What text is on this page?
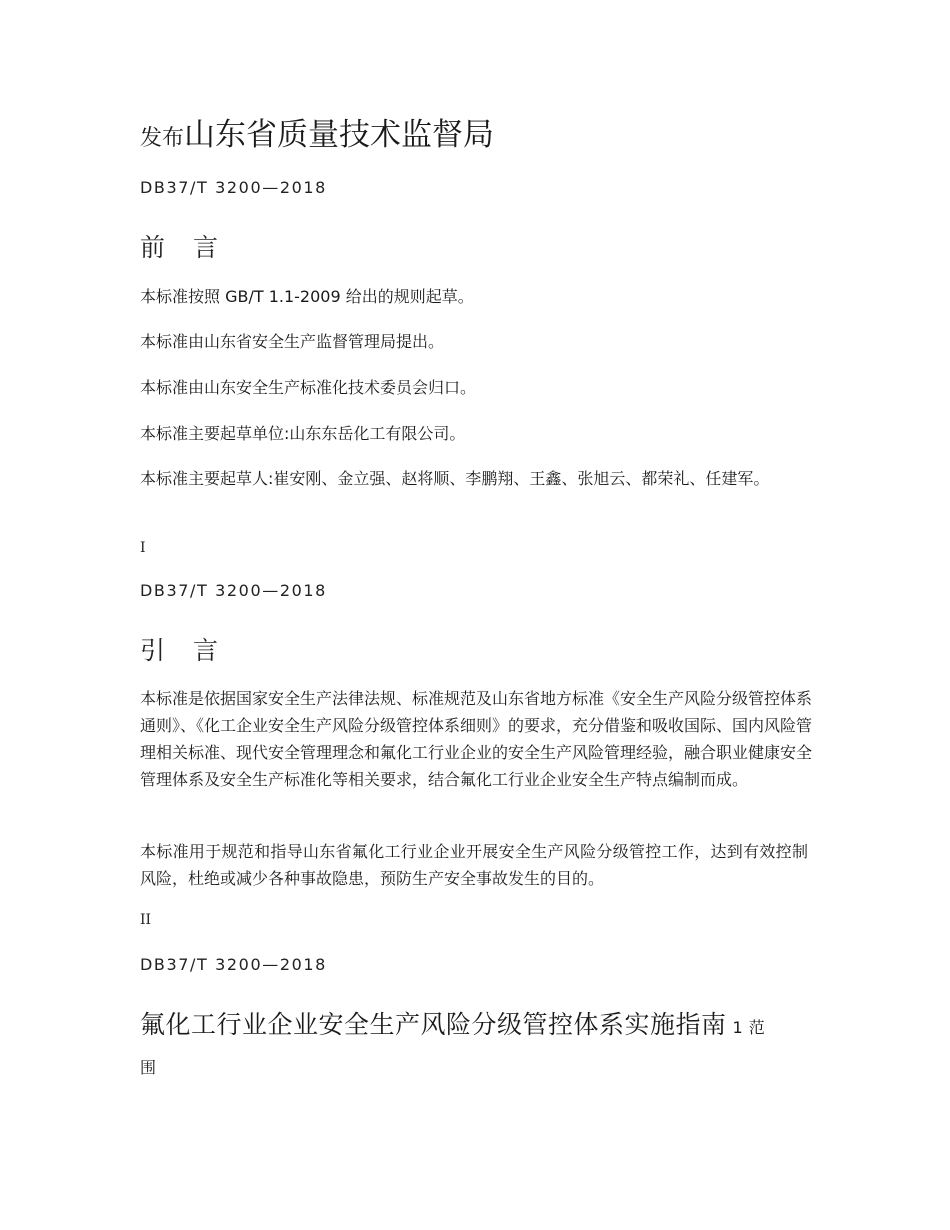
发布山东省质量技术监督局
DB37/T 3200—2018
前 言

本标准按照 GB/T 1.1-2009 给出的规则起草。

本标准由山东省安全生产监督管理局提出。

本标准由山东安全生产标准化技术委员会归口。

本标准主要起草单位:山东东岳化工有限公司。

本标准主要起草人:崔安刚、金立强、赵将顺、李鹏翔、王鑫、张旭云、都荣礼、任建军。

I
DB37/T 3200—2018
引 言

本标准是依据国家安全生产法律法规、标准规范及山东省地方标准《安全生产风险分级管控体系通则》、《化工企业安全生产风险分级管控体系细则》的要求，充分借鉴和吸收国际、国内风险管理相关标准、现代安全管理理念和氟化工行业企业的安全生产风险管理经验，融合职业健康安全管理体系及安全生产标准化等相关要求，结合氟化工行业企业安全生产特点编制而成。

本标准用于规范和指导山东省氟化工行业企业开展安全生产风险分级管控工作，达到有效控制风险，杜绝或减少各种事故隐患，预防生产安全事故发生的目的。

II
DB37/T 3200—2018
氟化工行业企业安全生产风险分级管控体系实施指南 1 范
围
